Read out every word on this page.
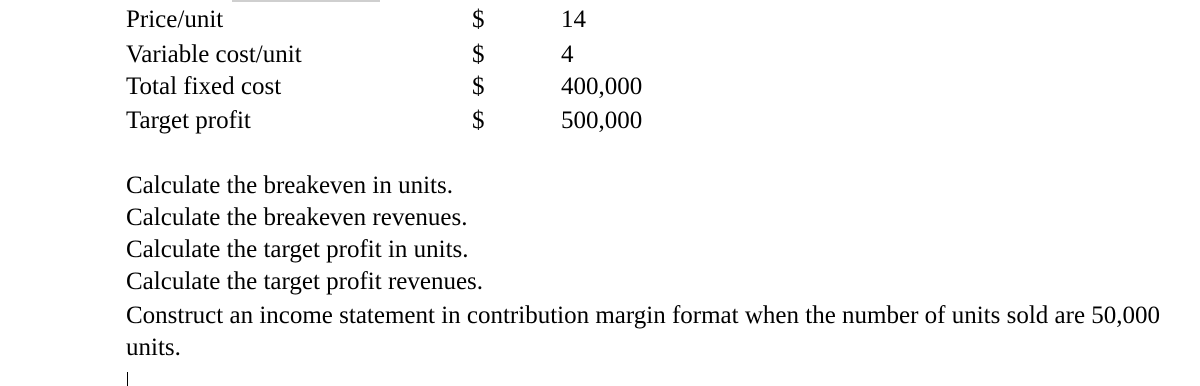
Price/unit	$	14
Variable cost/unit	$	4
Total fixed cost	$	400,000
Target profit	$	500,000
Calculate the breakeven in units.
Calculate the breakeven revenues.
Calculate the target profit in units.
Calculate the target profit revenues.
Construct an income statement in contribution margin format when the number of units sold are 50,000 units.
